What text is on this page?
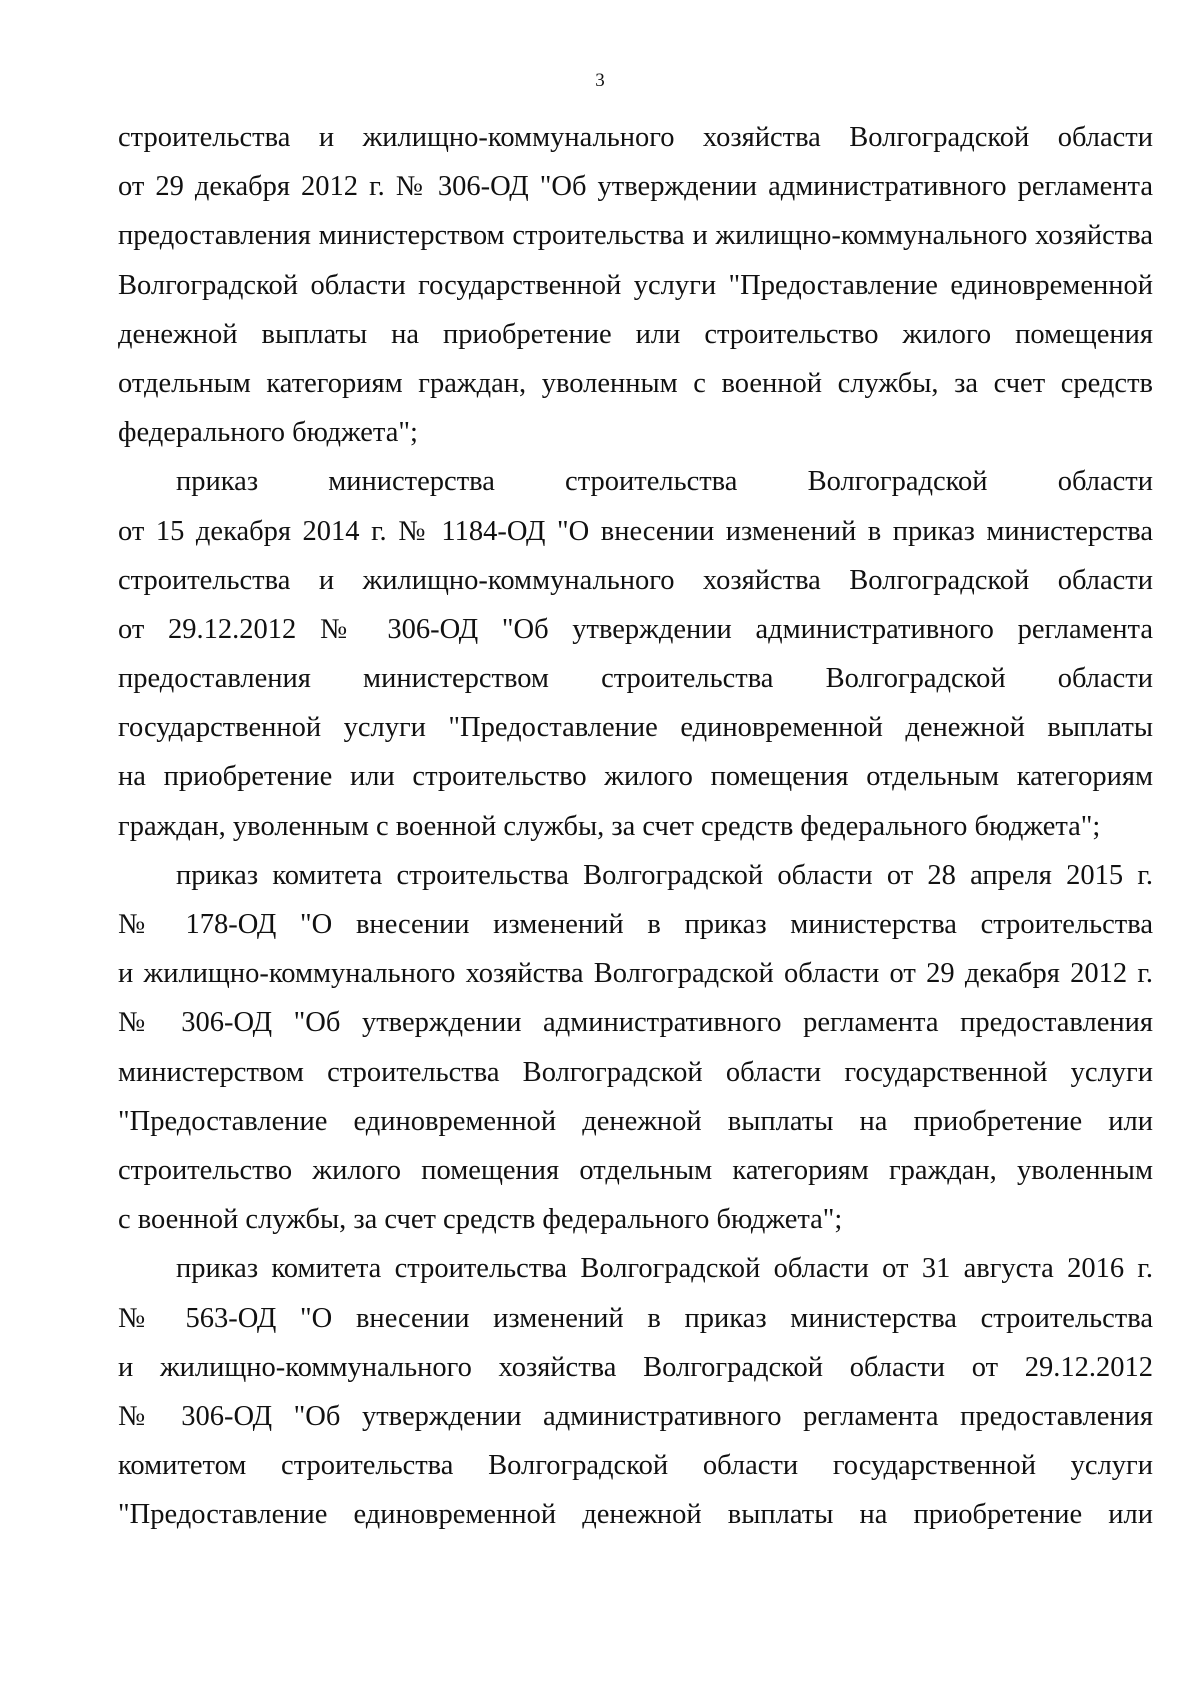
3
строительства и жилищно-коммунального хозяйства Волгоградской области
от 29 декабря 2012 г. № 306-ОД "Об утверждении административного регламента
предоставления министерством строительства и жилищно-коммунального хозяйства
Волгоградской области государственной услуги "Предоставление единовременной
денежной выплаты на приобретение или строительство жилого помещения
отдельным категориям граждан, уволенным с военной службы, за счет средств
федерального бюджета";
приказ министерства строительства Волгоградской области
от 15 декабря 2014 г. № 1184-ОД "О внесении изменений в приказ министерства
строительства и жилищно-коммунального хозяйства Волгоградской области
от 29.12.2012 № 306-ОД "Об утверждении административного регламента
предоставления министерством строительства Волгоградской области
государственной услуги "Предоставление единовременной денежной выплаты
на приобретение или строительство жилого помещения отдельным категориям
граждан, уволенным с военной службы, за счет средств федерального бюджета";
приказ комитета строительства Волгоградской области от 28 апреля 2015 г.
№ 178-ОД "О внесении изменений в приказ министерства строительства
и жилищно-коммунального хозяйства Волгоградской области от 29 декабря 2012 г.
№ 306-ОД "Об утверждении административного регламента предоставления
министерством строительства Волгоградской области государственной услуги
"Предоставление единовременной денежной выплаты на приобретение или
строительство жилого помещения отдельным категориям граждан, уволенным
с военной службы, за счет средств федерального бюджета";
приказ комитета строительства Волгоградской области от 31 августа 2016 г.
№ 563-ОД "О внесении изменений в приказ министерства строительства
и жилищно-коммунального хозяйства Волгоградской области от 29.12.2012
№ 306-ОД "Об утверждении административного регламента предоставления
комитетом строительства Волгоградской области государственной услуги
"Предоставление единовременной денежной выплаты на приобретение или
